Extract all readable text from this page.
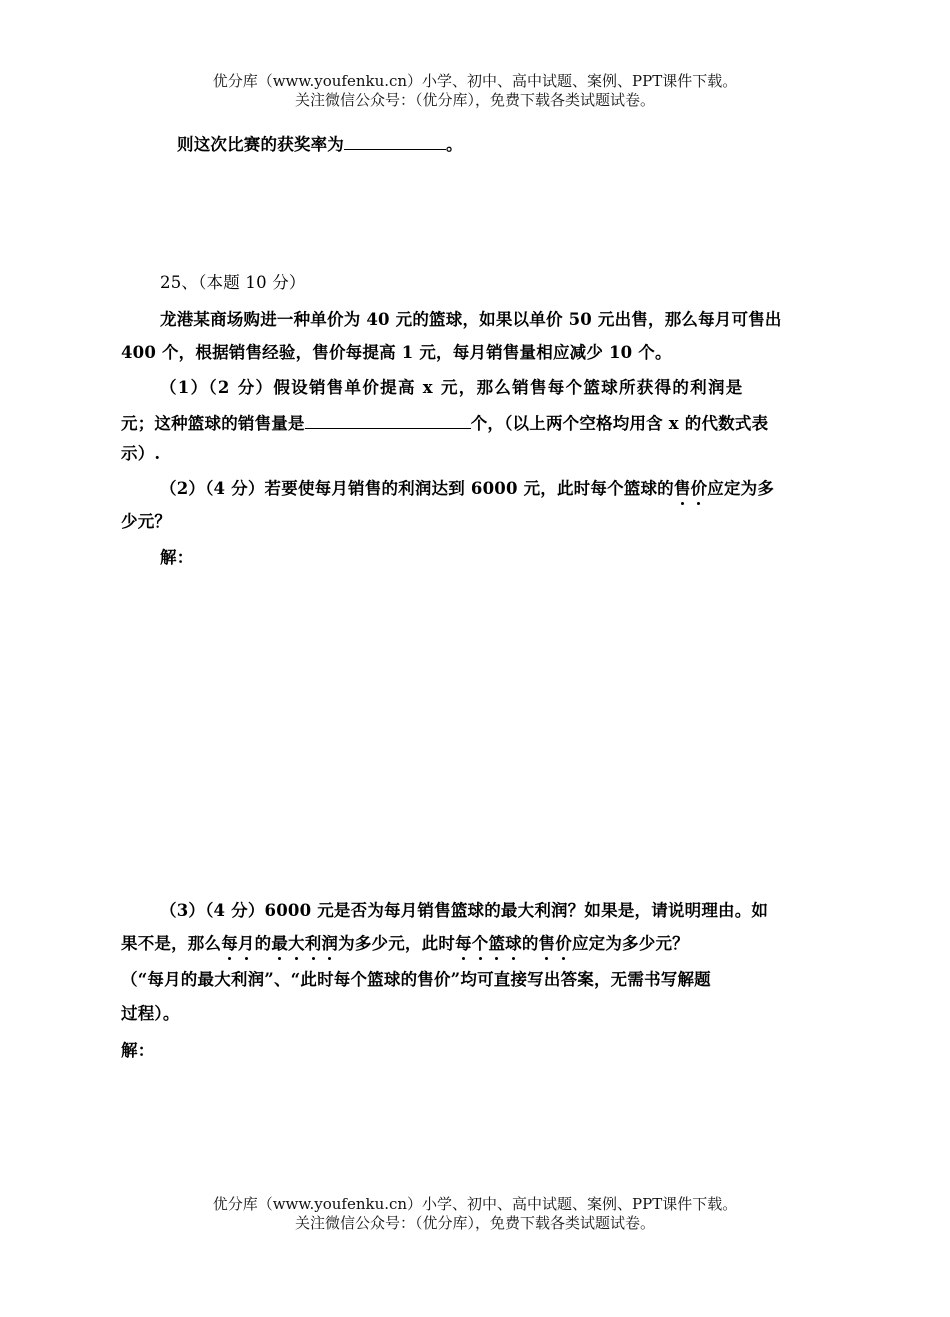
优分库（www.youfenku.cn）小学、初中、高中试题、案例、PPT课件下载。
关注微信公众号：（优分库），免费下载各类试题试卷。
则这次比赛的获奖率为	。
25、（本题 10 分）
龙港某商场购进一种单价为 40 元的篮球，如果以单价 50 元出售，那么每月可售出
400 个，根据销售经验，售价每提高 1 元，每月销售量相应减少 10 个。
（1）（2 分）假设销售单价提高 x 元，那么销售每个篮球所获得的利润是
元；这种篮球的销售量是	个，（以上两个空格均用含 x 的代数式表
示）.
（2）（4 分）若要使每月销售的利润达到 6000 元，此时每个篮球的售价应定为多
少元？
解：
（3）（4 分）6000 元是否为每月销售篮球的最大利润？如果是，请说明理由。如
果不是，那么每月的最大利润为多少元，此时每个篮球的售价应定为多少元？
（“每月的最大利润”、“此时每个篮球的售价”均可直接写出答案，无需书写解题
过程）。
解：
优分库（www.youfenku.cn）小学、初中、高中试题、案例、PPT课件下载。
关注微信公众号：（优分库），免费下载各类试题试卷。
